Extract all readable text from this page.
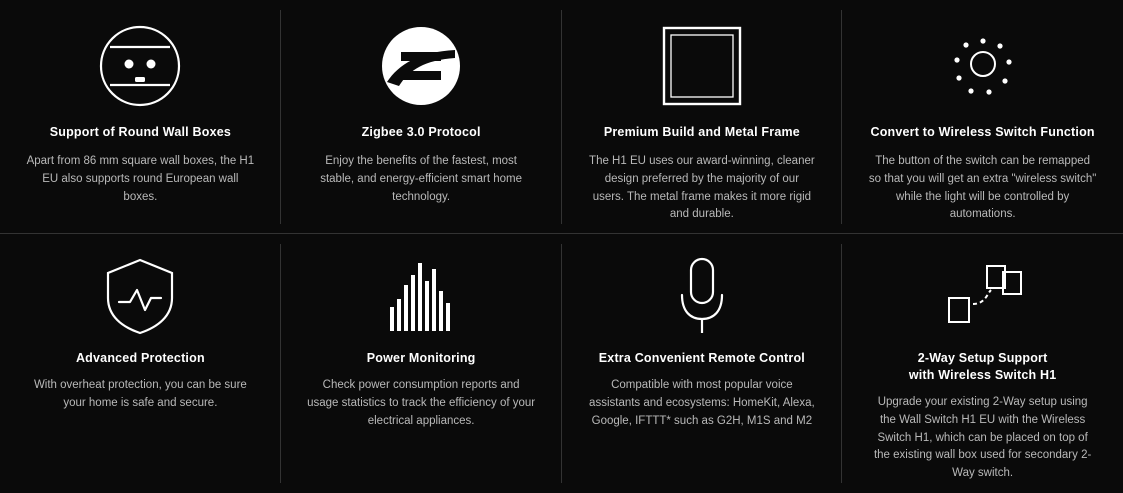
Support of Round Wall Boxes
Apart from 86 mm square wall boxes, the H1 EU also supports round European wall boxes.
Zigbee 3.0 Protocol
Enjoy the benefits of the fastest, most stable, and energy-efficient smart home technology.
Premium Build and Metal Frame
The H1 EU uses our award-winning, cleaner design preferred by the majority of our users. The metal frame makes it more rigid and durable.
Convert to Wireless Switch Function
The button of the switch can be remapped so that you will get an extra "wireless switch" while the light will be controlled by automations.
Advanced Protection
With overheat protection, you can be sure your home is safe and secure.
Power Monitoring
Check power consumption reports and usage statistics to track the efficiency of your electrical appliances.
Extra Convenient Remote Control
Compatible with most popular voice assistants and ecosystems: HomeKit, Alexa, Google, IFTTT* such as G2H, M1S and M2
2-Way Setup Support
with Wireless Switch H1
Upgrade your existing 2-Way setup using the Wall Switch H1 EU with the Wireless Switch H1, which can be placed on top of the existing wall box used for secondary 2-Way switch.
